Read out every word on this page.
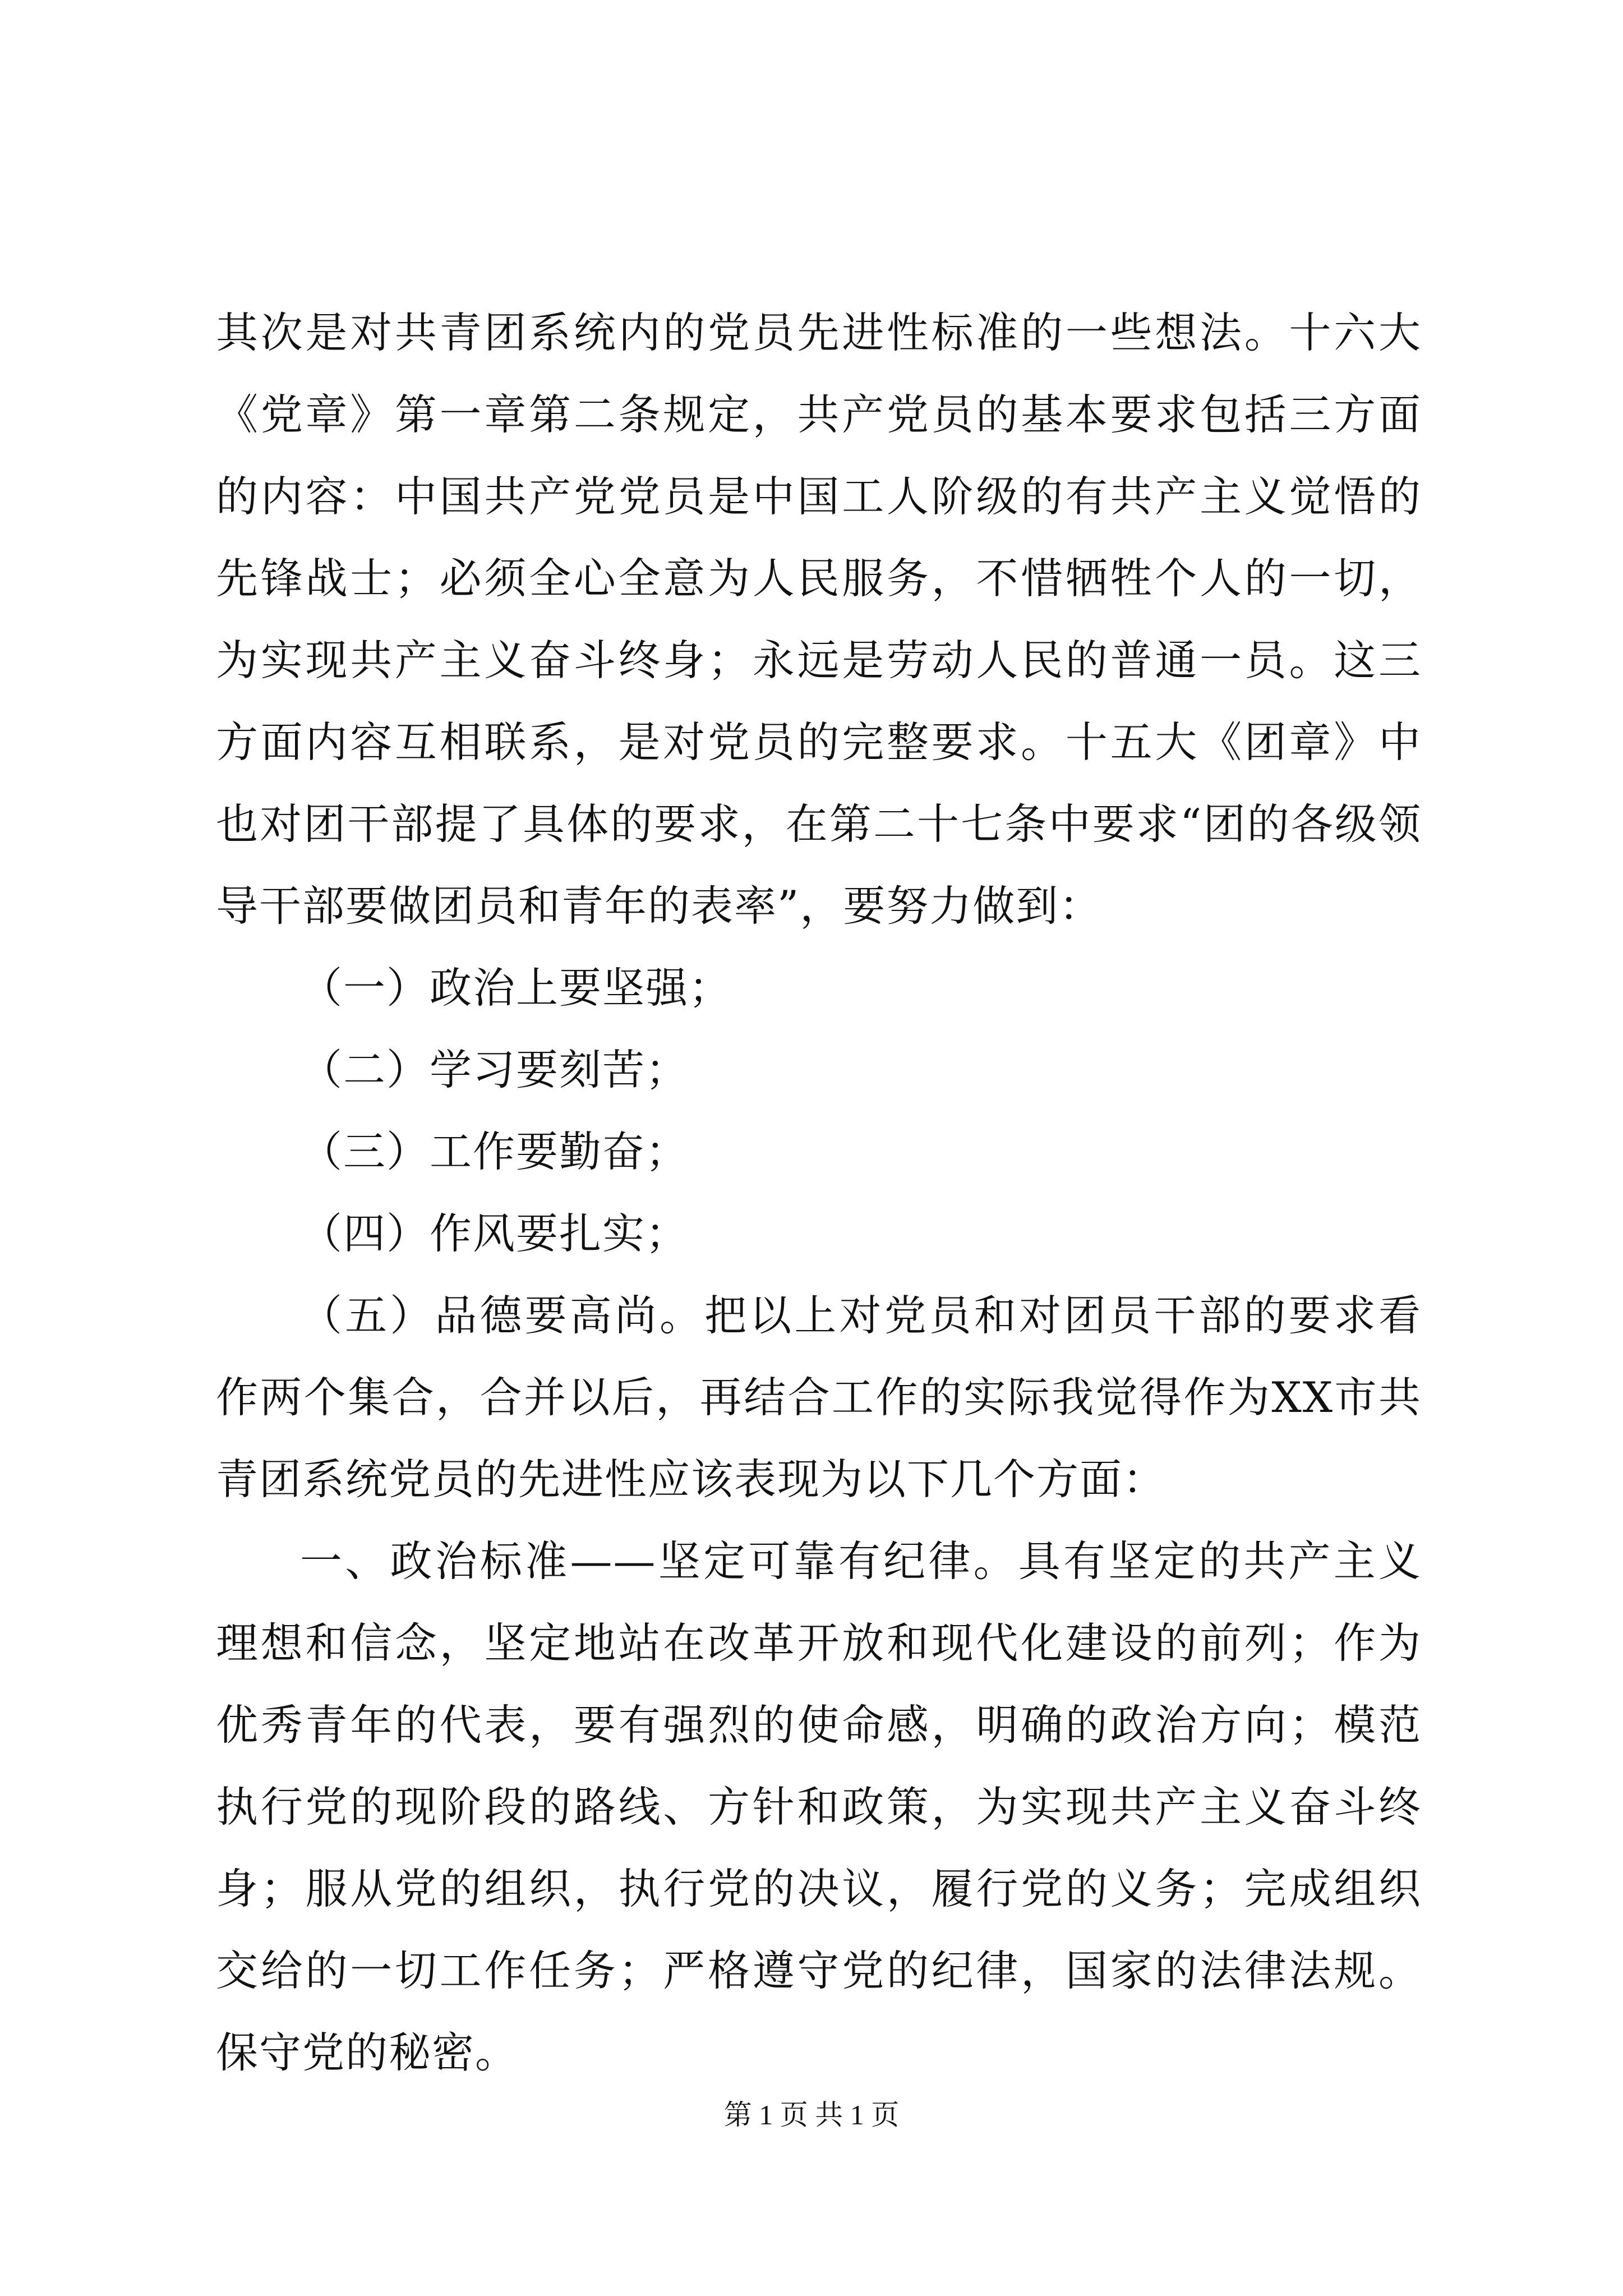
其次是对共青团系统内的党员先进性标准的一些想法。十六大《党章》第一章第二条规定，共产党员的基本要求包括三方面的内容：中国共产党党员是中国工人阶级的有共产主义觉悟的先锋战士；必须全心全意为人民服务，不惜牺牲个人的一切，为实现共产主义奋斗终身；永远是劳动人民的普通一员。这三方面内容互相联系，是对党员的完整要求。十五大《团章》中也对团干部提了具体的要求，在第二十七条中要求“团的各级领导干部要做团员和青年的表率”，要努力做到：

（一）政治上要坚强；

（二）学习要刻苦；

（三）工作要勤奋；

（四）作风要扎实；

（五）品德要高尚。把以上对党员和对团员干部的要求看作两个集合，合并以后，再结合工作的实际我觉得作为XX市共青团系统党员的先进性应该表现为以下几个方面：

一、政治标准——坚定可靠有纪律。具有坚定的共产主义理想和信念，坚定地站在改革开放和现代化建设的前列；作为优秀青年的代表，要有强烈的使命感，明确的政治方向；模范执行党的现阶段的路线、方针和政策，为实现共产主义奋斗终身；服从党的组织，执行党的决议，履行党的义务；完成组织交给的一切工作任务；严格遵守党的纪律，国家的法律法规。保守党的秘密。

第 1 页 共 1 页
